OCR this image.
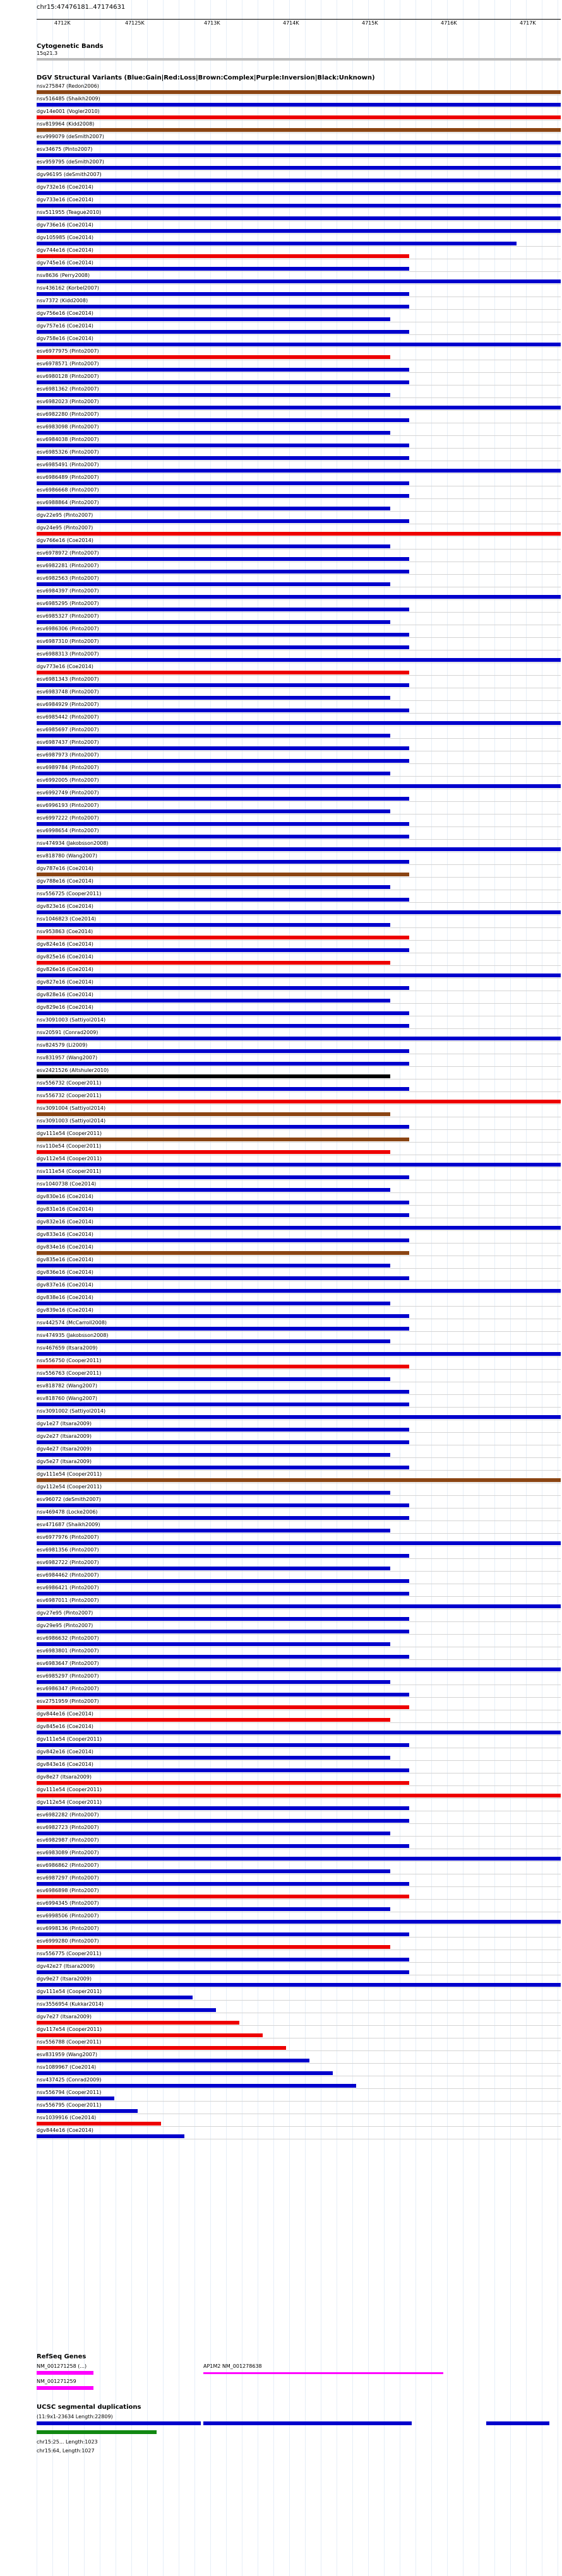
chr15:47476181..47174631
4712K	47125K	4713K	4714K	4715K	4716K	4717K
Cytogenetic Bands
15q21.3
DGV Structural Variants (Blue:Gain|Red:Loss|Brown:Complex|Purple:Inversion|Black:Unknown)
nsv275847 (Redon2006)
nsv516485 (Shaikh2009)
dgv14e001 (Vogler2010)
nsv819964 (Kidd2008)
esv999079 (deSmith2007)
esv34675 (Pinto2007)
esv959795 (deSmith2007)
dgv96195 (deSmith2007)
dgv732e16 (Coe2014)
dgv733e16 (Coe2014)
nsv511955 (Teague2010)
dgv736e16 (Coe2014)
dgv105985 (Coe2014)
dgv744e16 (Coe2014)
dgv745e16 (Coe2014)
nsv8636 (Perry2008)
nsv436162 (Korbel2007)
nsv7372 (Kidd2008)
dgv756e16 (Coe2014)
dgv757e16 (Coe2014)
dgv758e16 (Coe2014)
esv6977975 (Pinto2007)
esv6978571 (Pinto2007)
esv6980128 (Pinto2007)
esv6981362 (Pinto2007)
esv6982023 (Pinto2007)
esv6982280 (Pinto2007)
esv6983098 (Pinto2007)
esv6984038 (Pinto2007)
esv6985326 (Pinto2007)
esv6985491 (Pinto2007)
esv6986489 (Pinto2007)
esv6986668 (Pinto2007)
esv6988864 (Pinto2007)
dgv22e95 (Pinto2007)
dgv24e95 (Pinto2007)
dgv766e16 (Coe2014)
esv6978972 (Pinto2007)
esv6982281 (Pinto2007)
esv6982563 (Pinto2007)
esv6984397 (Pinto2007)
esv6985295 (Pinto2007)
esv6985327 (Pinto2007)
esv6986306 (Pinto2007)
esv6987310 (Pinto2007)
esv6988313 (Pinto2007)
dgv773e16 (Coe2014)
esv6981343 (Pinto2007)
esv6983748 (Pinto2007)
esv6984929 (Pinto2007)
esv6985442 (Pinto2007)
esv6985697 (Pinto2007)
esv6987437 (Pinto2007)
esv6987973 (Pinto2007)
esv6989784 (Pinto2007)
esv6992005 (Pinto2007)
esv6992749 (Pinto2007)
esv6996193 (Pinto2007)
esv6997222 (Pinto2007)
esv6998654 (Pinto2007)
nsv474934 (Jakobsson2008)
esv818780 (Wang2007)
dgv787e16 (Coe2014)
dgv788e16 (Coe2014)
nsv556725 (Cooper2011)
dgv823e16 (Coe2014)
nsv1046823 (Coe2014)
nsv953863 (Coe2014)
dgv824e16 (Coe2014)
dgv825e16 (Coe2014)
dgv826e16 (Coe2014)
dgv827e16 (Coe2014)
dgv828e16 (Coe2014)
dgv829e16 (Coe2014)
nsv3091003 (Sattiyol2014)
nsv20591 (Conrad2009)
nsv824579 (Li2009)
nsv831957 (Wang2007)
esv2421526 (Altshuler2010)
nsv556732 (Cooper2011)
nsv556732 (Cooper2011)
nsv3091004 (Sattiyol2014)
nsv3091003 (Sattiyol2014)
dgv111e54 (Cooper2011)
nsv110e54 (Cooper2011)
dgv112e54 (Cooper2011)
nsv111e54 (Cooper2011)
nsv1040738 (Coe2014)
dgv830e16 (Coe2014)
dgv831e16 (Coe2014)
dgv832e16 (Coe2014)
dgv833e16 (Coe2014)
dgv834e16 (Coe2014)
dgv835e16 (Coe2014)
dgv836e16 (Coe2014)
dgv837e16 (Coe2014)
dgv838e16 (Coe2014)
dgv839e16 (Coe2014)
nsv442574 (McCarroll2008)
nsv474935 (Jakobsson2008)
nsv467659 (Itsara2009)
nsv556750 (Cooper2011)
nsv556763 (Cooper2011)
esv818782 (Wang2007)
esv818760 (Wang2007)
nsv3091002 (Sattiyol2014)
dgv1e27 (Itsara2009)
dgv2e27 (Itsara2009)
dgv4e27 (Itsara2009)
dgv5e27 (Itsara2009)
dgv111e54 (Cooper2011)
dgv112e54 (Cooper2011)
esv96072 (deSmith2007)
nsv469478 (Locke2006)
esv471687 (Shaikh2009)
esv6977976 (Pinto2007)
esv6981356 (Pinto2007)
esv6982722 (Pinto2007)
esv6984462 (Pinto2007)
esv6986421 (Pinto2007)
esv6987011 (Pinto2007)
dgv27e95 (Pinto2007)
dgv29e95 (Pinto2007)
esv6986632 (Pinto2007)
esv6983801 (Pinto2007)
esv6983647 (Pinto2007)
esv6985297 (Pinto2007)
esv6986347 (Pinto2007)
esv2751959 (Pinto2007)
dgv844e16 (Coe2014)
dgv845e16 (Coe2014)
dgv111e54 (Cooper2011)
dgv842e16 (Coe2014)
dgv843e16 (Coe2014)
dgv8e27 (Itsara2009)
dgv111e54 (Cooper2011)
dgv112e54 (Cooper2011)
esv6982282 (Pinto2007)
esv6982723 (Pinto2007)
esv6982987 (Pinto2007)
esv6983089 (Pinto2007)
esv6986862 (Pinto2007)
esv6987297 (Pinto2007)
esv6986898 (Pinto2007)
esv6994345 (Pinto2007)
esv6998506 (Pinto2007)
esv6998136 (Pinto2007)
esv6999280 (Pinto2007)
nsv556775 (Cooper2011)
dgv42e27 (Itsara2009)
dgv9e27 (Itsara2009)
dgv111e54 (Cooper2011)
nsv3556954 (Kukkar2014)
dgv7e27 (Itsara2009)
dgv117e54 (Cooper2011)
nsv556788 (Cooper2011)
esv831959 (Wang2007)
nsv1089967 (Coe2014)
nsv437425 (Conrad2009)
nsv556794 (Cooper2011)
nsv556795 (Cooper2011)
nsv1039916 (Coe2014)
dgv844e16 (Coe2014)
RefSeq Genes
NM_001271258 (...)
NM_001271259
AP1M2 NM_001278638
UCSC segmental duplications
(11:9x1-23634 Length:22809)
chr15:25... Length:1023
chr15:64, Length:1027
